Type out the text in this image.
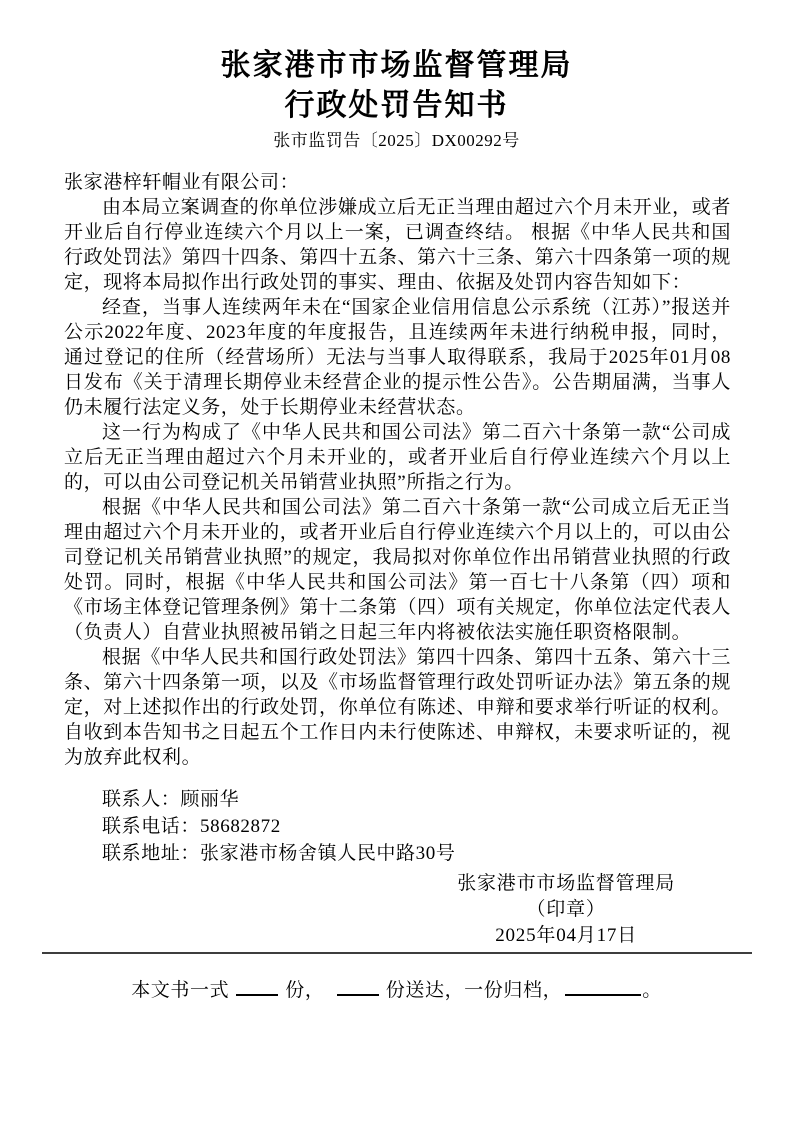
张家港市市场监督管理局
行政处罚告知书
张市监罚告〔2025〕DX00292号
张家港梓轩帽业有限公司：

由本局立案调查的你单位涉嫌成立后无正当理由超过六个月未开业，或者开业后自行停业连续六个月以上一案，已调查终结。 根据《中华人民共和国行政处罚法》第四十四条、第四十五条、第六十三条、第六十四条第一项的规定，现将本局拟作出行政处罚的事实、理由、依据及处罚内容告知如下：

经查，当事人连续两年未在“国家企业信用信息公示系统（江苏）”报送并公示2022年度、2023年度的年度报告，且连续两年未进行纳税申报，同时，通过登记的住所（经营场所）无法与当事人取得联系，我局于2025年01月08日发布《关于清理长期停业未经营企业的提示性公告》。公告期届满，当事人仍未履行法定义务，处于长期停业未经营状态。

这一行为构成了《中华人民共和国公司法》第二百六十条第一款“公司成立后无正当理由超过六个月未开业的，或者开业后自行停业连续六个月以上的，可以由公司登记机关吊销营业执照”所指之行为。

根据《中华人民共和国公司法》第二百六十条第一款“公司成立后无正当理由超过六个月未开业的，或者开业后自行停业连续六个月以上的，可以由公司登记机关吊销营业执照”的规定，我局拟对你单位作出吊销营业执照的行政处罚。同时，根据《中华人民共和国公司法》第一百七十八条第（四）项和《市场主体登记管理条例》第十二条第（四）项有关规定，你单位法定代表人（负责人）自营业执照被吊销之日起三年内将被依法实施任职资格限制。

根据《中华人民共和国行政处罚法》第四十四条、第四十五条、第六十三条、第六十四条第一项，以及《市场监督管理行政处罚听证办法》第五条的规定，对上述拟作出的行政处罚，你单位有陈述、申辩和要求举行听证的权利。自收到本告知书之日起五个工作日内未行使陈述、申辩权，未要求听证的，视为放弃此权利。

联系人：顾丽华
联系电话：58682872
联系地址：张家港市杨舍镇人民中路30号
张家港市市场监督管理局
（印章）
2025年04月17日
本文书一式	份，	份送达，一份归档，	。
